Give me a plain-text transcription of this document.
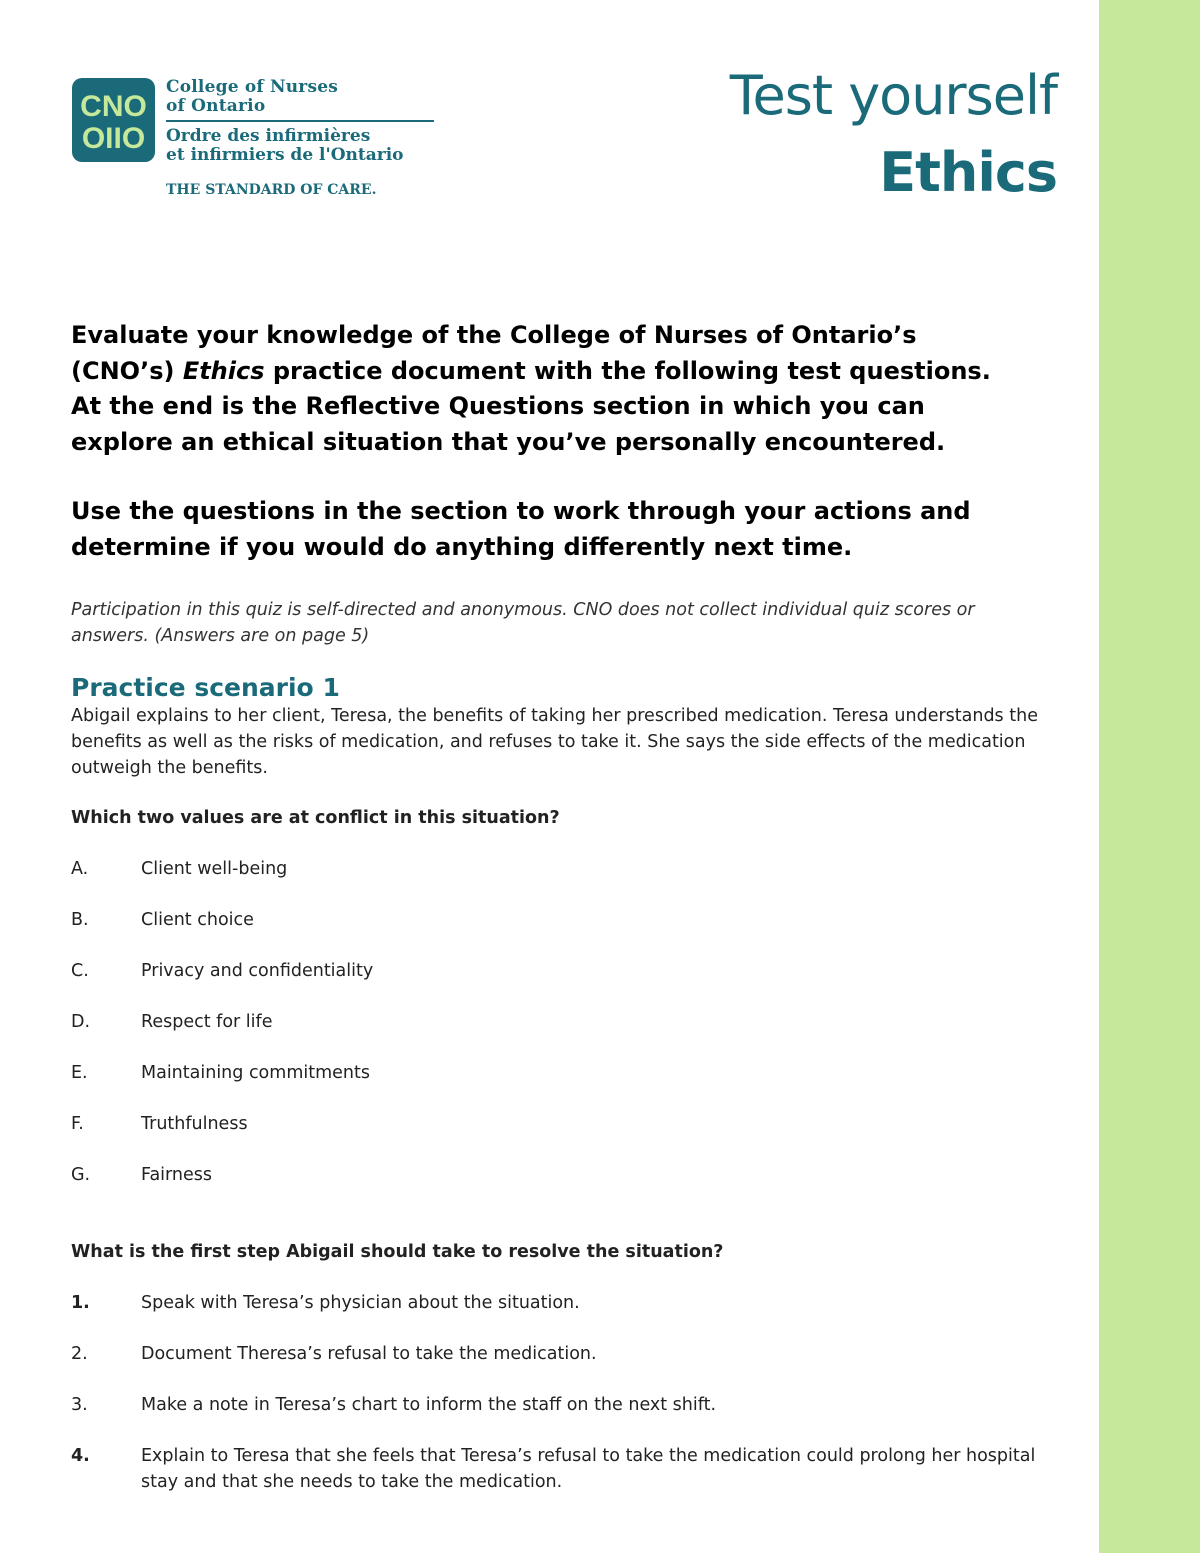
CNO
OIIO
College of Nurses
of Ontario
Ordre des infirmières
et infirmiers de l'Ontario
THE STANDARD OF CARE.
Test yourself
Ethics

Evaluate your knowledge of the College of Nurses of Ontario’s (CNO’s) Ethics practice document with the following test questions. At the end is the Reflective Questions section in which you can explore an ethical situation that you’ve personally encountered.

Use the questions in the section to work through your actions and determine if you would do anything differently next time.

Participation in this quiz is self-directed and anonymous. CNO does not collect individual quiz scores or answers. (Answers are on page 5)

Practice scenario 1

Abigail explains to her client, Teresa, the benefits of taking her prescribed medication. Teresa understands the benefits as well as the risks of medication, and refuses to take it. She says the side effects of the medication outweigh the benefits.

Which two values are at conflict in this situation?

A.	Client well-being
B.	Client choice
C.	Privacy and confidentiality
D.	Respect for life
E.	Maintaining commitments
F.	Truthfulness
G.	Fairness

What is the first step Abigail should take to resolve the situation?

1.	Speak with Teresa’s physician about the situation.
2.	Document Theresa’s refusal to take the medication.
3.	Make a note in Teresa’s chart to inform the staff on the next shift.
4.	Explain to Teresa that she feels that Teresa’s refusal to take the medication could prolong her hospital stay and that she needs to take the medication.
